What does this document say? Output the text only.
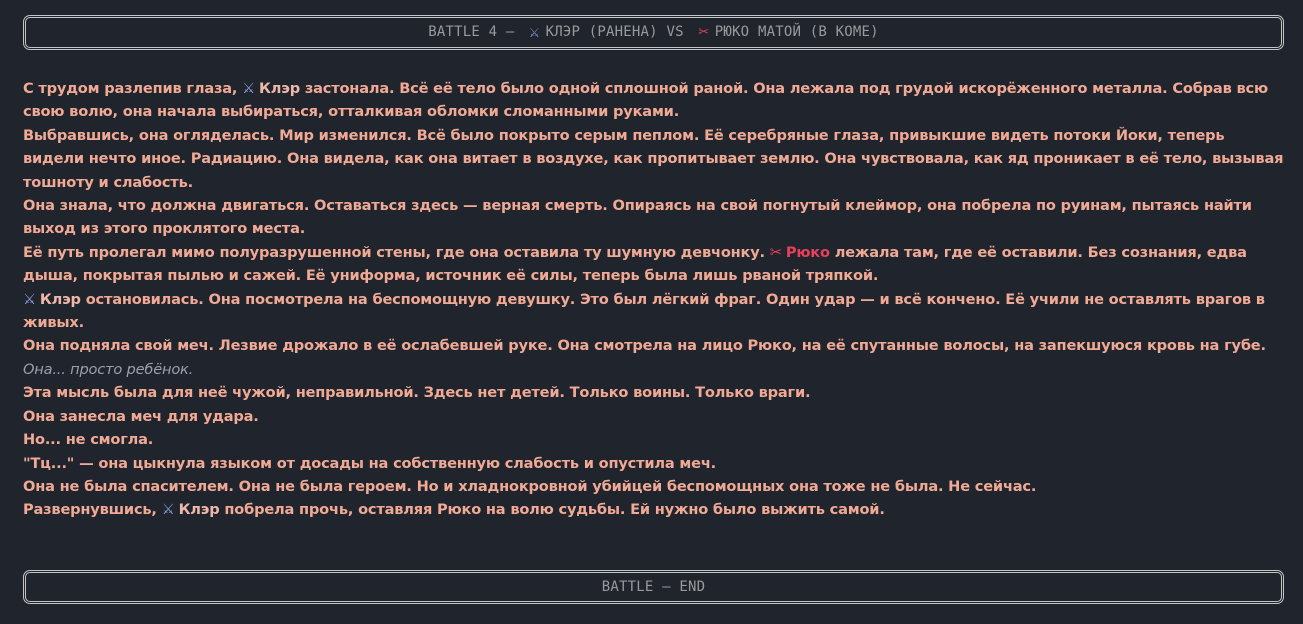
BATTLE 4 – ⚔ КЛЭР (РАНЕНА) VS ✂ РЮКО МАТОЙ (В КОМЕ)

С трудом разлепив глаза, ⚔ Клэр застонала. Всё её тело было одной сплошной раной. Она лежала под грудой искорёженного металла. Собрав всю свою волю, она начала выбираться, отталкивая обломки сломанными руками.

Выбравшись, она огляделась. Мир изменился. Всё было покрыто серым пеплом. Её серебряные глаза, привыкшие видеть потоки Йоки, теперь видели нечто иное. Радиацию. Она видела, как она витает в воздухе, как пропитывает землю. Она чувствовала, как яд проникает в её тело, вызывая тошноту и слабость.

Она знала, что должна двигаться. Оставаться здесь — верная смерть. Опираясь на свой погнутый клеймор, она побрела по руинам, пытаясь найти выход из этого проклятого места.

Её путь пролегал мимо полуразрушенной стены, где она оставила ту шумную девчонку. ✂ Рюко лежала там, где её оставили. Без сознания, едва дыша, покрытая пылью и сажей. Её униформа, источник её силы, теперь была лишь рваной тряпкой.

⚔ Клэр остановилась. Она посмотрела на беспомощную девушку. Это был лёгкий фраг. Один удар — и всё кончено. Её учили не оставлять врагов в живых.

Она подняла свой меч. Лезвие дрожало в её ослабевшей руке. Она смотрела на лицо Рюко, на её спутанные волосы, на запекшуюся кровь на губе.

Она... просто ребёнок.

Эта мысль была для неё чужой, неправильной. Здесь нет детей. Только воины. Только враги.

Она занесла меч для удара.

Но... не смогла.

"Тц..." — она цыкнула языком от досады на собственную слабость и опустила меч.

Она не была спасителем. Она не была героем. Но и хладнокровной убийцей беспомощных она тоже не была. Не сейчас.

Развернувшись, ⚔ Клэр побрела прочь, оставляя Рюко на волю судьбы. Ей нужно было выжить самой.

BATTLE – END
